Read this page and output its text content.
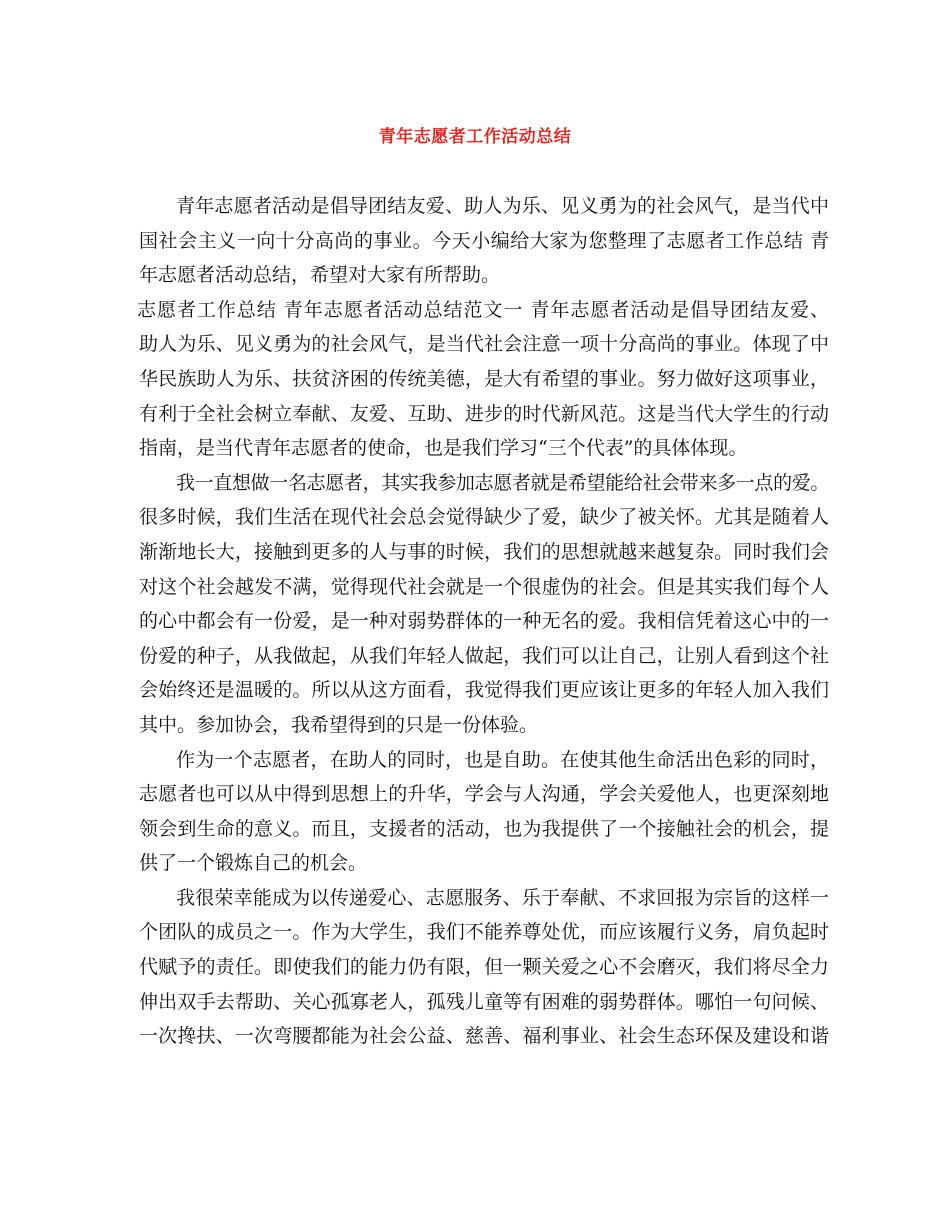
青年志愿者工作活动总结
青年志愿者活动是倡导团结友爱、助人为乐、见义勇为的社会风气，是当代中
国社会主义一向十分高尚的事业。今天小编给大家为您整理了志愿者工作总结 青
年志愿者活动总结，希望对大家有所帮助。
志愿者工作总结 青年志愿者活动总结范文一 青年志愿者活动是倡导团结友爱、
助人为乐、见义勇为的社会风气，是当代社会注意一项十分高尚的事业。体现了中
华民族助人为乐、扶贫济困的传统美德，是大有希望的事业。努力做好这项事业，
有利于全社会树立奉献、友爱、互助、进步的时代新风范。这是当代大学生的行动
指南，是当代青年志愿者的使命，也是我们学习“三个代表”的具体体现。
我一直想做一名志愿者，其实我参加志愿者就是希望能给社会带来多一点的爱。
很多时候，我们生活在现代社会总会觉得缺少了爱，缺少了被关怀。尤其是随着人
渐渐地长大，接触到更多的人与事的时候，我们的思想就越来越复杂。同时我们会
对这个社会越发不满，觉得现代社会就是一个很虚伪的社会。但是其实我们每个人
的心中都会有一份爱，是一种对弱势群体的一种无名的爱。我相信凭着这心中的一
份爱的种子，从我做起，从我们年轻人做起，我们可以让自己，让别人看到这个社
会始终还是温暖的。所以从这方面看，我觉得我们更应该让更多的年轻人加入我们
其中。参加协会，我希望得到的只是一份体验。
作为一个志愿者，在助人的同时，也是自助。在使其他生命活出色彩的同时，
志愿者也可以从中得到思想上的升华，学会与人沟通，学会关爱他人，也更深刻地
领会到生命的意义。而且，支援者的活动，也为我提供了一个接触社会的机会，提
供了一个锻炼自己的机会。
我很荣幸能成为以传递爱心、志愿服务、乐于奉献、不求回报为宗旨的这样一
个团队的成员之一。作为大学生，我们不能养尊处优，而应该履行义务，肩负起时
代赋予的责任。即使我们的能力仍有限，但一颗关爱之心不会磨灭，我们将尽全力
伸出双手去帮助、关心孤寡老人，孤残儿童等有困难的弱势群体。哪怕一句问候、
一次搀扶、一次弯腰都能为社会公益、慈善、福利事业、社会生态环保及建设和谐
